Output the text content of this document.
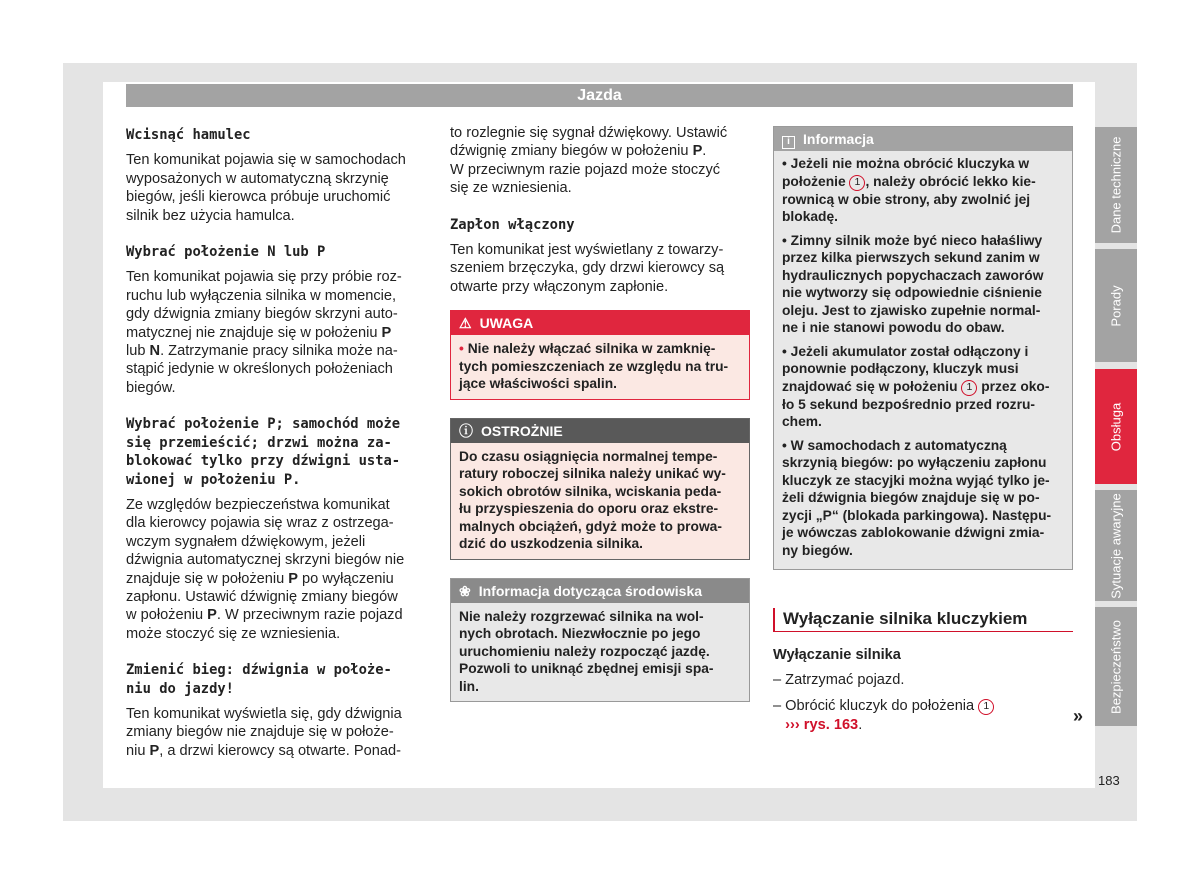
Jazda
Wcisnąć hamulec
Ten komunikat pojawia się w samochodach
wyposażonych w automatyczną skrzynię
biegów, jeśli kierowca próbuje uruchomić
silnik bez użycia hamulca.
Wybrać położenie N lub P
Ten komunikat pojawia się przy próbie roz-
ruchu lub wyłączenia silnika w momencie,
gdy dźwignia zmiany biegów skrzyni auto-
matycznej nie znajduje się w położeniu P
lub N. Zatrzymanie pracy silnika może na-
stąpić jedynie w określonych położeniach
biegów.
Wybrać położenie P; samochód może
się przemieścić; drzwi można za-
blokować tylko przy dźwigni usta-
wionej w położeniu P.
Ze względów bezpieczeństwa komunikat
dla kierowcy pojawia się wraz z ostrzega-
wczym sygnałem dźwiękowym, jeżeli
dźwignia automatycznej skrzyni biegów nie
znajduje się w położeniu P po wyłączeniu
zapłonu. Ustawić dźwignię zmiany biegów
w położeniu P. W przeciwnym razie pojazd
może stoczyć się ze wzniesienia.
Zmienić bieg: dźwignia w położe-
niu do jazdy!
Ten komunikat wyświetla się, gdy dźwignia
zmiany biegów nie znajduje się w położe-
niu P, a drzwi kierowcy są otwarte. Ponad-
to rozlegnie się sygnał dźwiękowy. Ustawić
dźwignię zmiany biegów w położeniu P.
W przeciwnym razie pojazd może stoczyć
się ze wzniesienia.
Zapłon włączony
Ten komunikat jest wyświetlany z towarzy-
szeniem brzęczyka, gdy drzwi kierowcy są
otwarte przy włączonym zapłonie.
⚠ UWAGA
• Nie należy włączać silnika w zamknię-
tych pomieszczeniach ze względu na tru-
jące właściwości spalin.
ⓘ OSTROŻNIE
Do czasu osiągnięcia normalnej tempe-
ratury roboczej silnika należy unikać wy-
sokich obrotów silnika, wciskania peda-
łu przyspieszenia do oporu oraz ekstre-
malnych obciążeń, gdyż może to prowa-
dzić do uszkodzenia silnika.
❀ Informacja dotycząca środowiska
Nie należy rozgrzewać silnika na wol-
nych obrotach. Niezwłocznie po jego
uruchomieniu należy rozpocząć jazdę.
Pozwoli to uniknąć zbędnej emisji spa-
lin.
i Informacja
• Jeżeli nie można obrócić kluczyka w
położenie 1 , należy obrócić lekko kie-
rownicą w obie strony, aby zwolnić jej
blokadę.
• Zimny silnik może być nieco hałaśliwy
przez kilka pierwszych sekund zanim w
hydraulicznych popychaczach zaworów
nie wytworzy się odpowiednie ciśnienie
oleju. Jest to zjawisko zupełnie normal-
ne i nie stanowi powodu do obaw.
• Jeżeli akumulator został odłączony i
ponownie podłączony, kluczyk musi
znajdować się w położeniu 1 przez oko-
ło 5 sekund bezpośrednio przed rozru-
chem.
• W samochodach z automatyczną
skrzynią biegów: po wyłączeniu zapłonu
kluczyk ze stacyjki można wyjąć tylko je-
żeli dźwignia biegów znajduje się w po-
zycji „P“ (blokada parkingowa). Następu-
je wówczas zablokowanie dźwigni zmia-
ny biegów.
Wyłączanie silnika kluczykiem
Wyłączanie silnika
– Zatrzymać pojazd.
– Obrócić kluczyk do położenia 1
››› rys. 163.
Dane techniczne
Porady
Obsługa
Sytuacje awaryjne
Bezpieczeństwo
»
183
